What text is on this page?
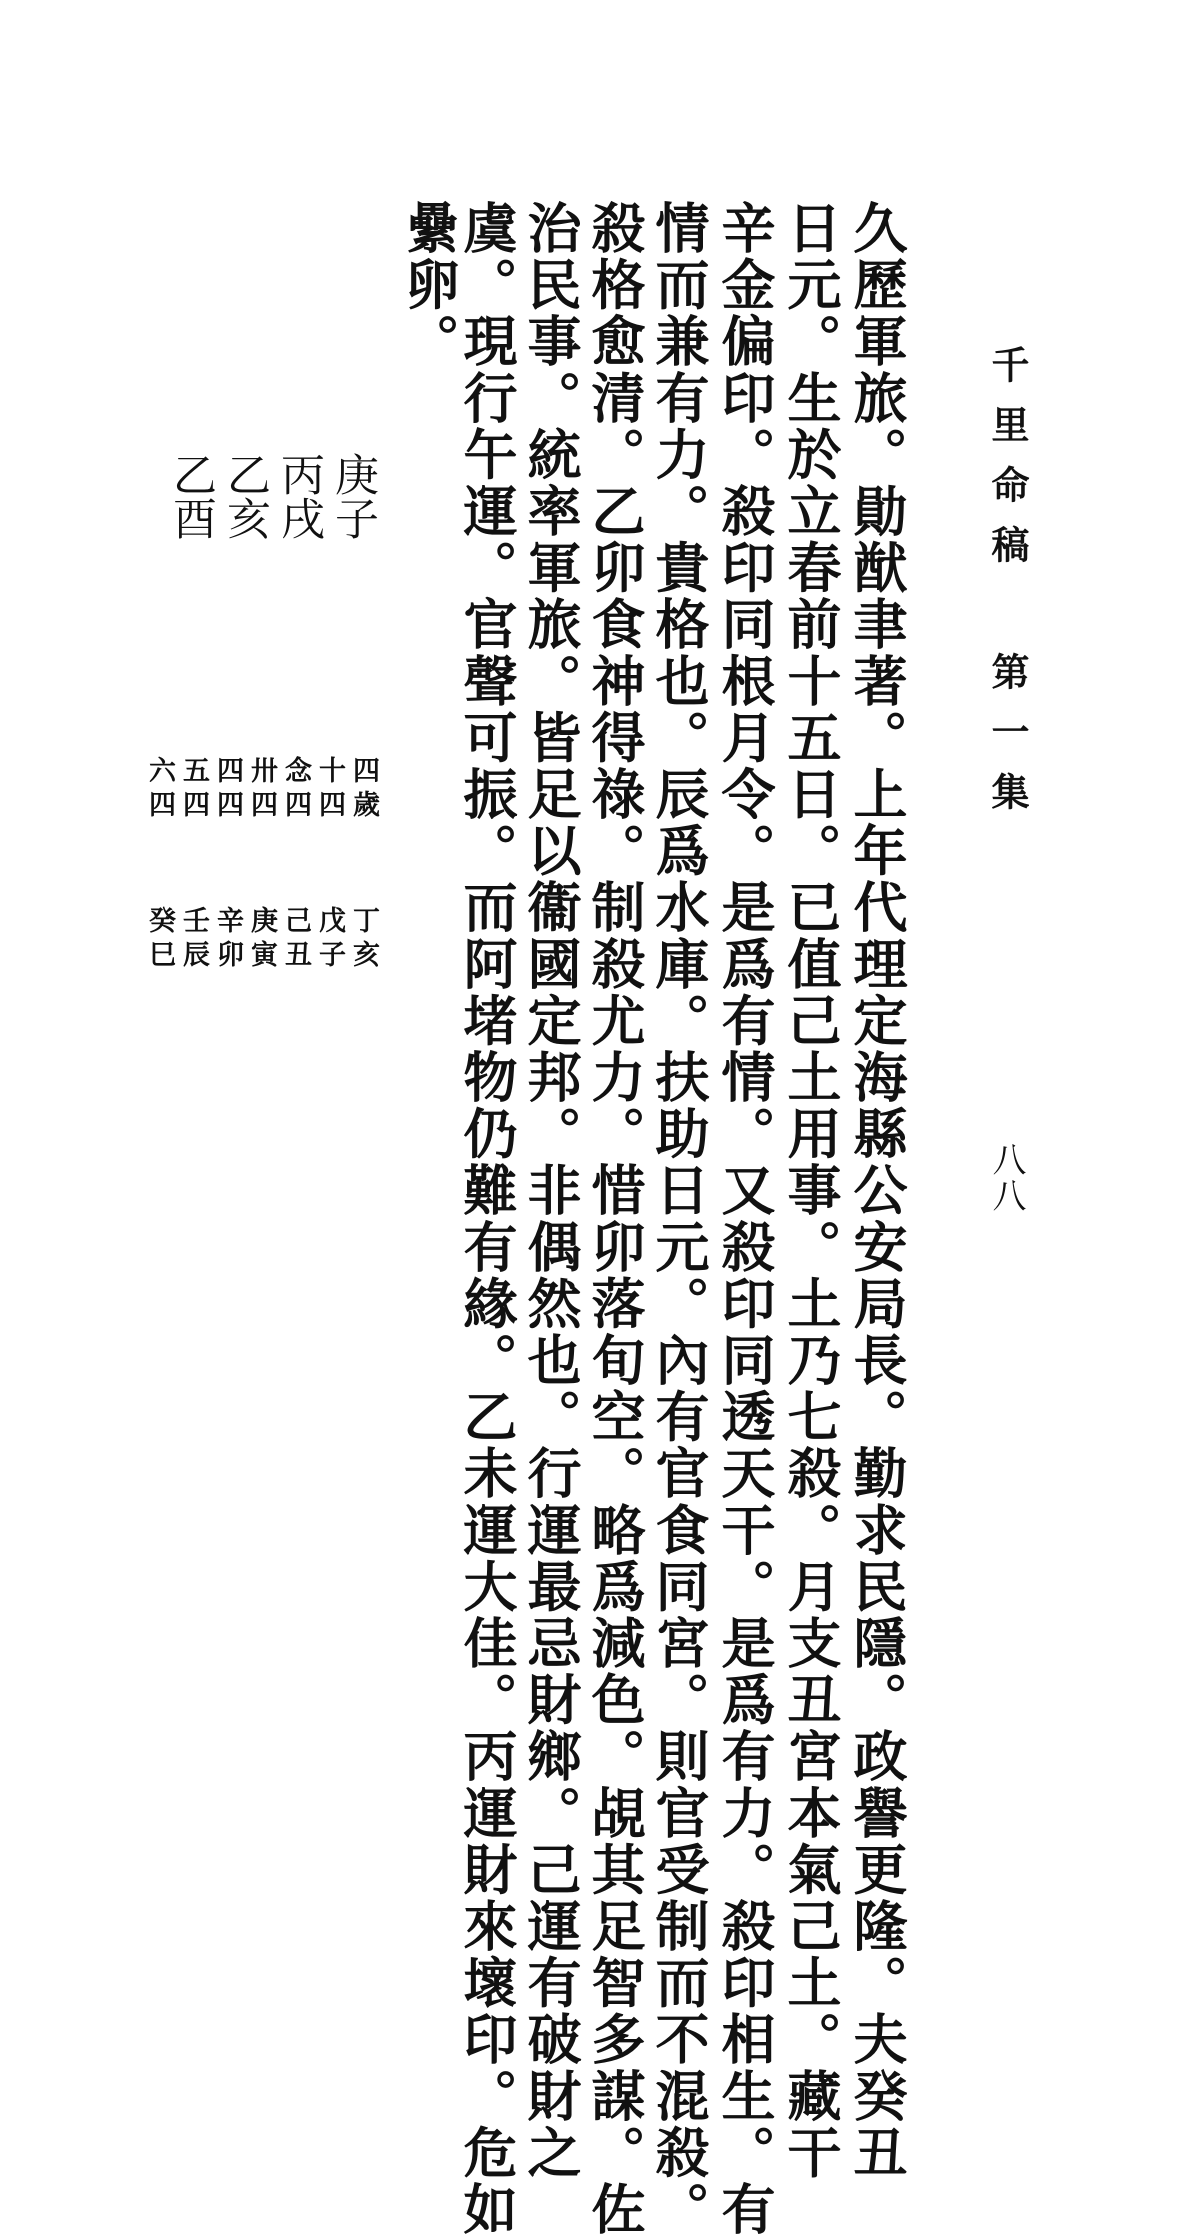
千里命稿 第一集
八八
久歷軍旅。勛猷聿著。上年代理定海縣公安局長。勤求民隱。政譽更隆。夫癸丑
日元。生於立春前十五日。已值己土用事。土乃七殺。月支丑宮本氣己土。藏干
辛金偏印。殺印同根月令。是爲有情。又殺印同透天干。是爲有力。殺印相生。有
情而兼有力。貴格也。辰爲水庫。扶助日元。內有官食同宮。則官受制而不混殺。
殺格愈清。乙卯食神得祿。制殺尤力。惜卯落旬空。略爲減色。覘其足智多謀。佐
治民事。統率軍旅。皆足以衞國定邦。非偶然也。行運最忌財鄉。己運有破財之
虞。現行午運。官聲可振。而阿堵物仍難有緣。乙未運大佳。丙運財來壞印。危如
纍卵。
庚子
丙戌
乙亥
乙酉
四歲
十四
念四
卅四
四四
五四
六四
丁亥
戊子
己丑
庚寅
辛卯
壬辰
癸巳
